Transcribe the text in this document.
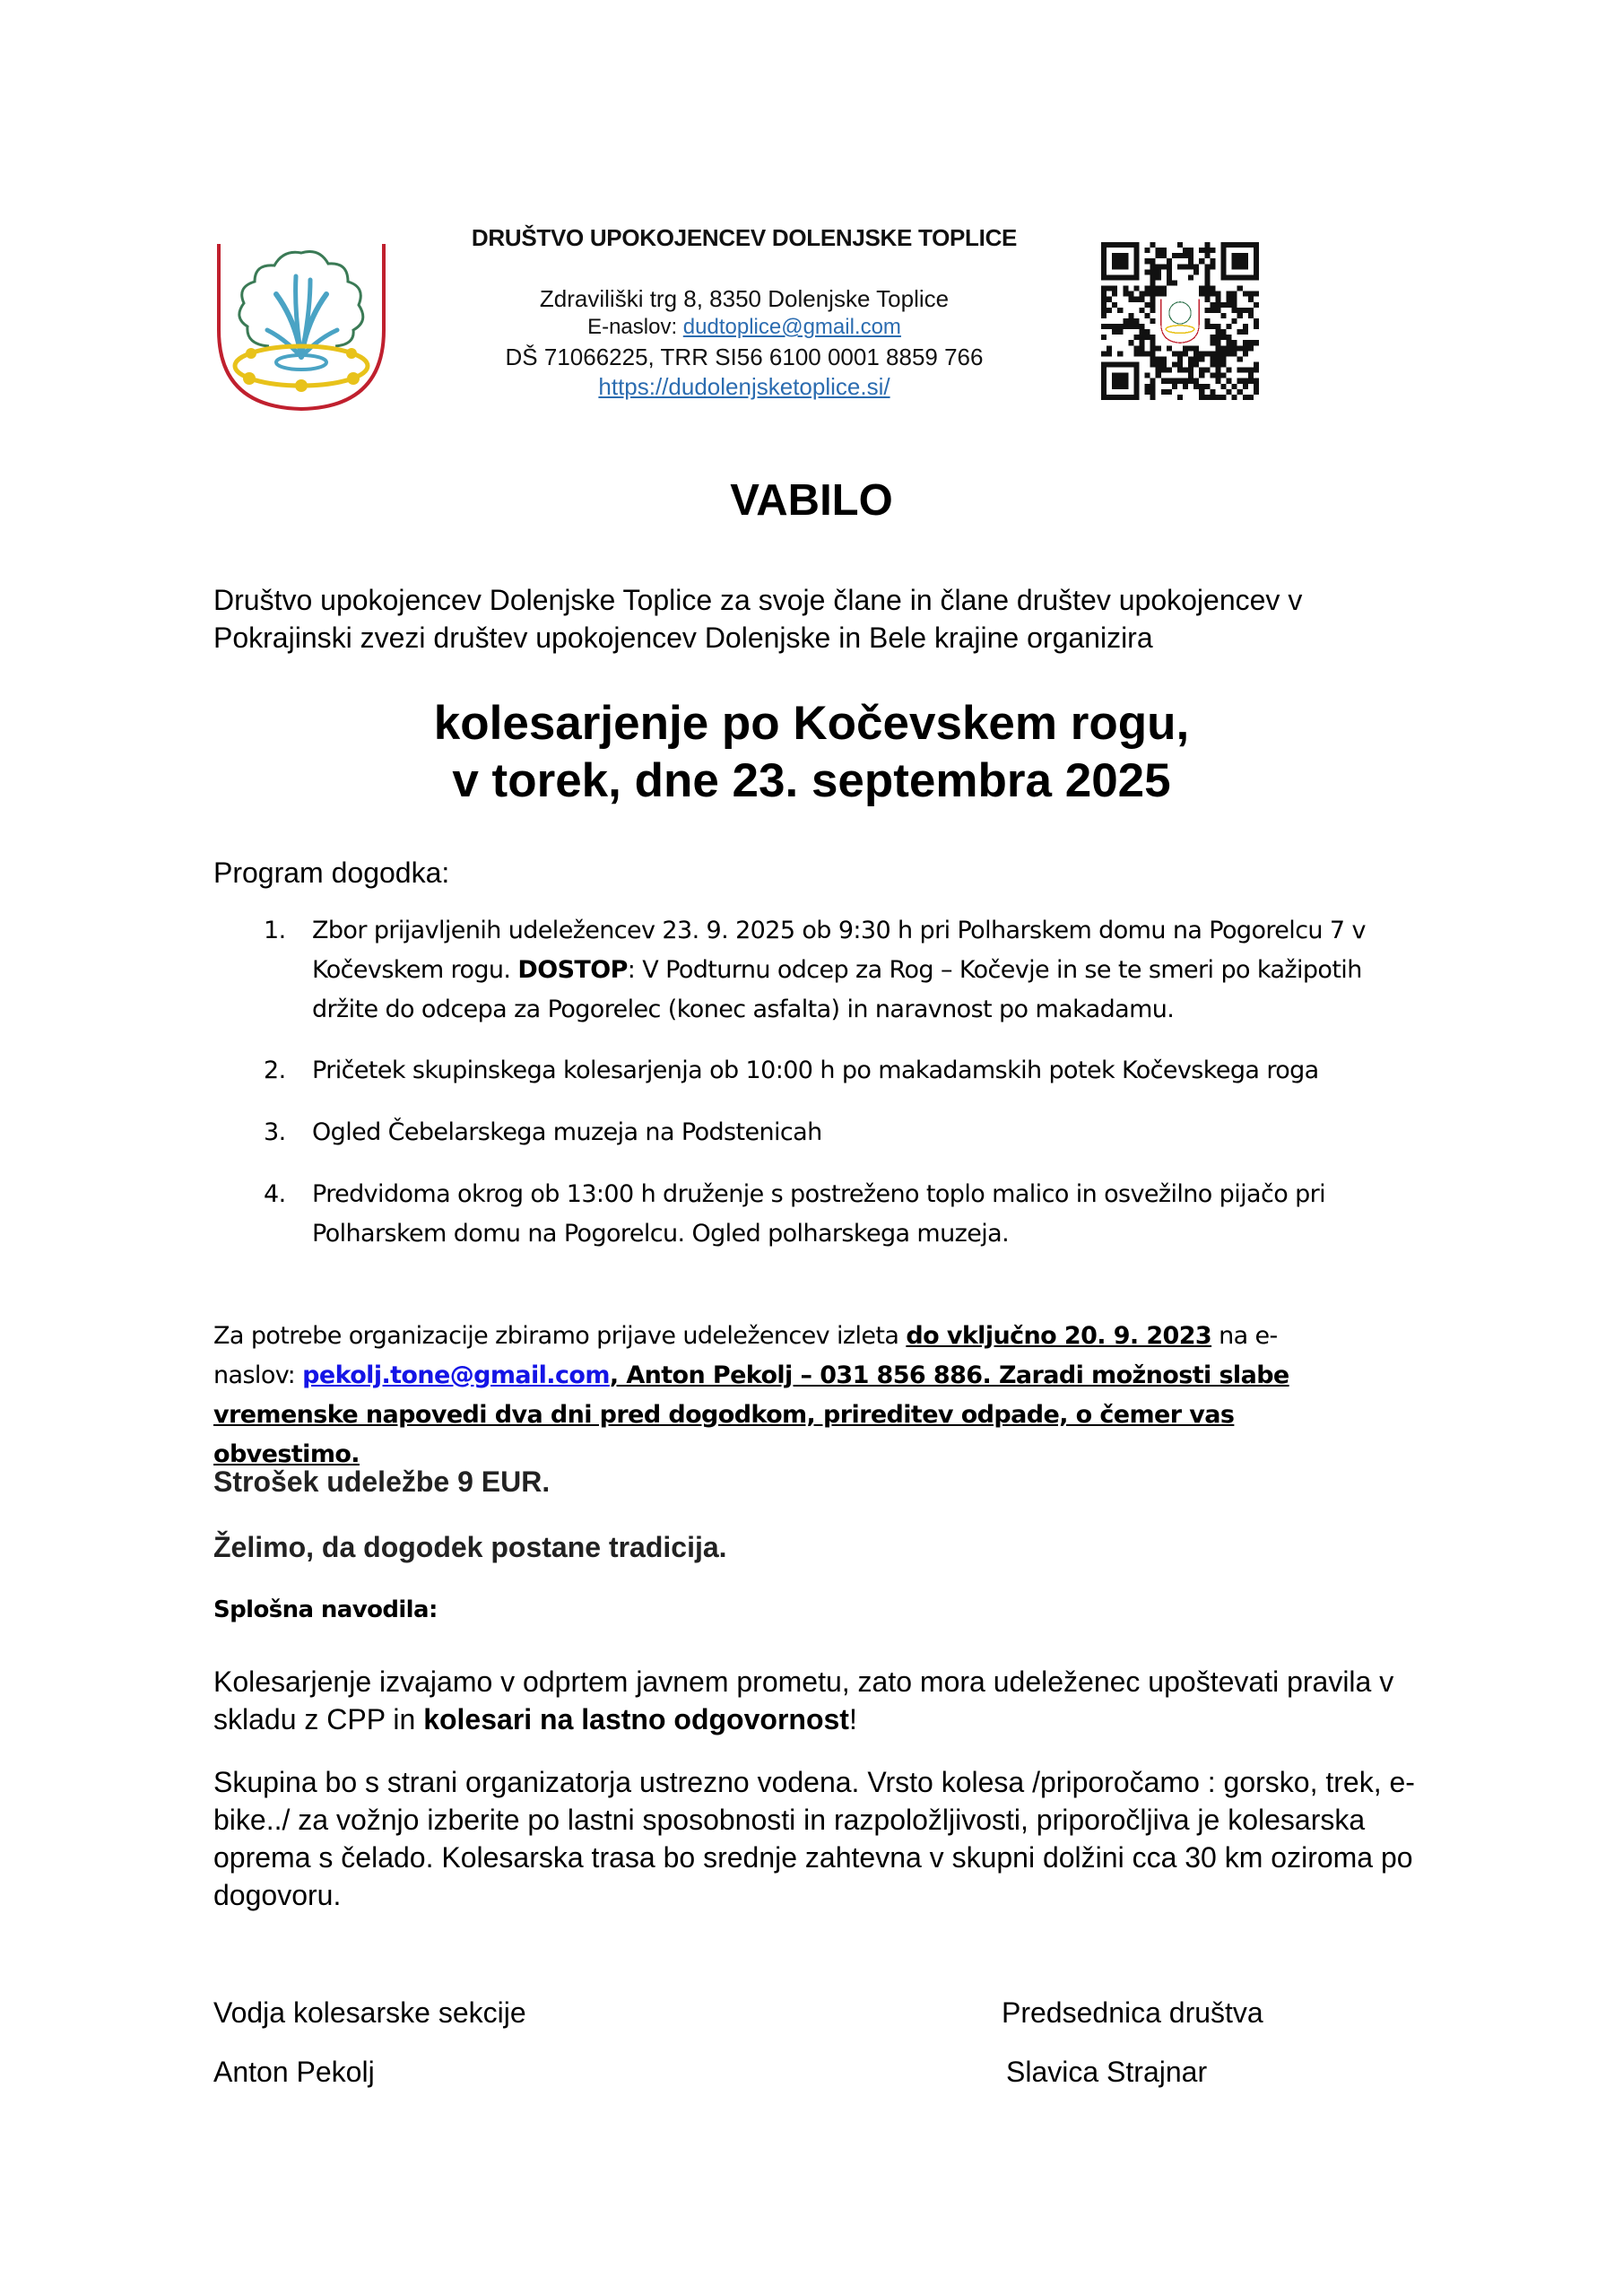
DRUŠTVO UPOKOJENCEV DOLENJSKE TOPLICE
Zdraviliški trg 8, 8350 Dolenjske Toplice
E-naslov: dudtoplice@gmail.com
DŠ 71066225, TRR SI56 6100 0001 8859 766
https://dudolenjsketoplice.si/
VABILO
Društvo upokojencev Dolenjske Toplice za svoje člane in člane društev upokojencev v Pokrajinski zvezi društev upokojencev Dolenjske in Bele krajine organizira
kolesarjenje po Kočevskem rogu,
v torek, dne 23. septembra 2025
Program dogodka:
1. Zbor prijavljenih udeležencev 23. 9. 2025 ob 9:30 h pri Polharskem domu na Pogorelcu 7 v Kočevskem rogu. DOSTOP: V Podturnu odcep za Rog – Kočevje in se te smeri po kažipotih držite do odcepa za Pogorelec (konec asfalta) in naravnost po makadamu.
2. Pričetek skupinskega kolesarjenja ob 10:00 h po makadamskih potek Kočevskega roga
3. Ogled Čebelarskega muzeja na Podstenicah
4. Predvidoma okrog ob 13:00 h druženje s postreženo toplo malico in osvežilno pijačo pri Polharskem domu na Pogorelcu. Ogled polharskega muzeja.
Za potrebe organizacije zbiramo prijave udeležencev izleta do vključno 20. 9. 2023 na e- naslov: pekolj.tone@gmail.com, Anton Pekolj – 031 856 886. Zaradi možnosti slabe vremenske napovedi dva dni pred dogodkom, prireditev odpade, o čemer vas obvestimo.
Strošek udeležbe 9 EUR.
Želimo, da dogodek postane tradicija.
Splošna navodila:
Kolesarjenje izvajamo v odprtem javnem prometu, zato mora udeleženec upoštevati pravila v skladu z CPP in kolesari na lastno odgovornost!
Skupina bo s strani organizatorja ustrezno vodena. Vrsto kolesa /priporočamo : gorsko, trek, e- bike../ za vožnjo izberite po lastni sposobnosti in razpoložljivosti, priporočljiva je kolesarska oprema s čelado. Kolesarska trasa bo srednje zahtevna v skupni dolžini cca 30 km oziroma po dogovoru.
Vodja kolesarske sekcije
Anton Pekolj
Predsednica društva
Slavica Strajnar
